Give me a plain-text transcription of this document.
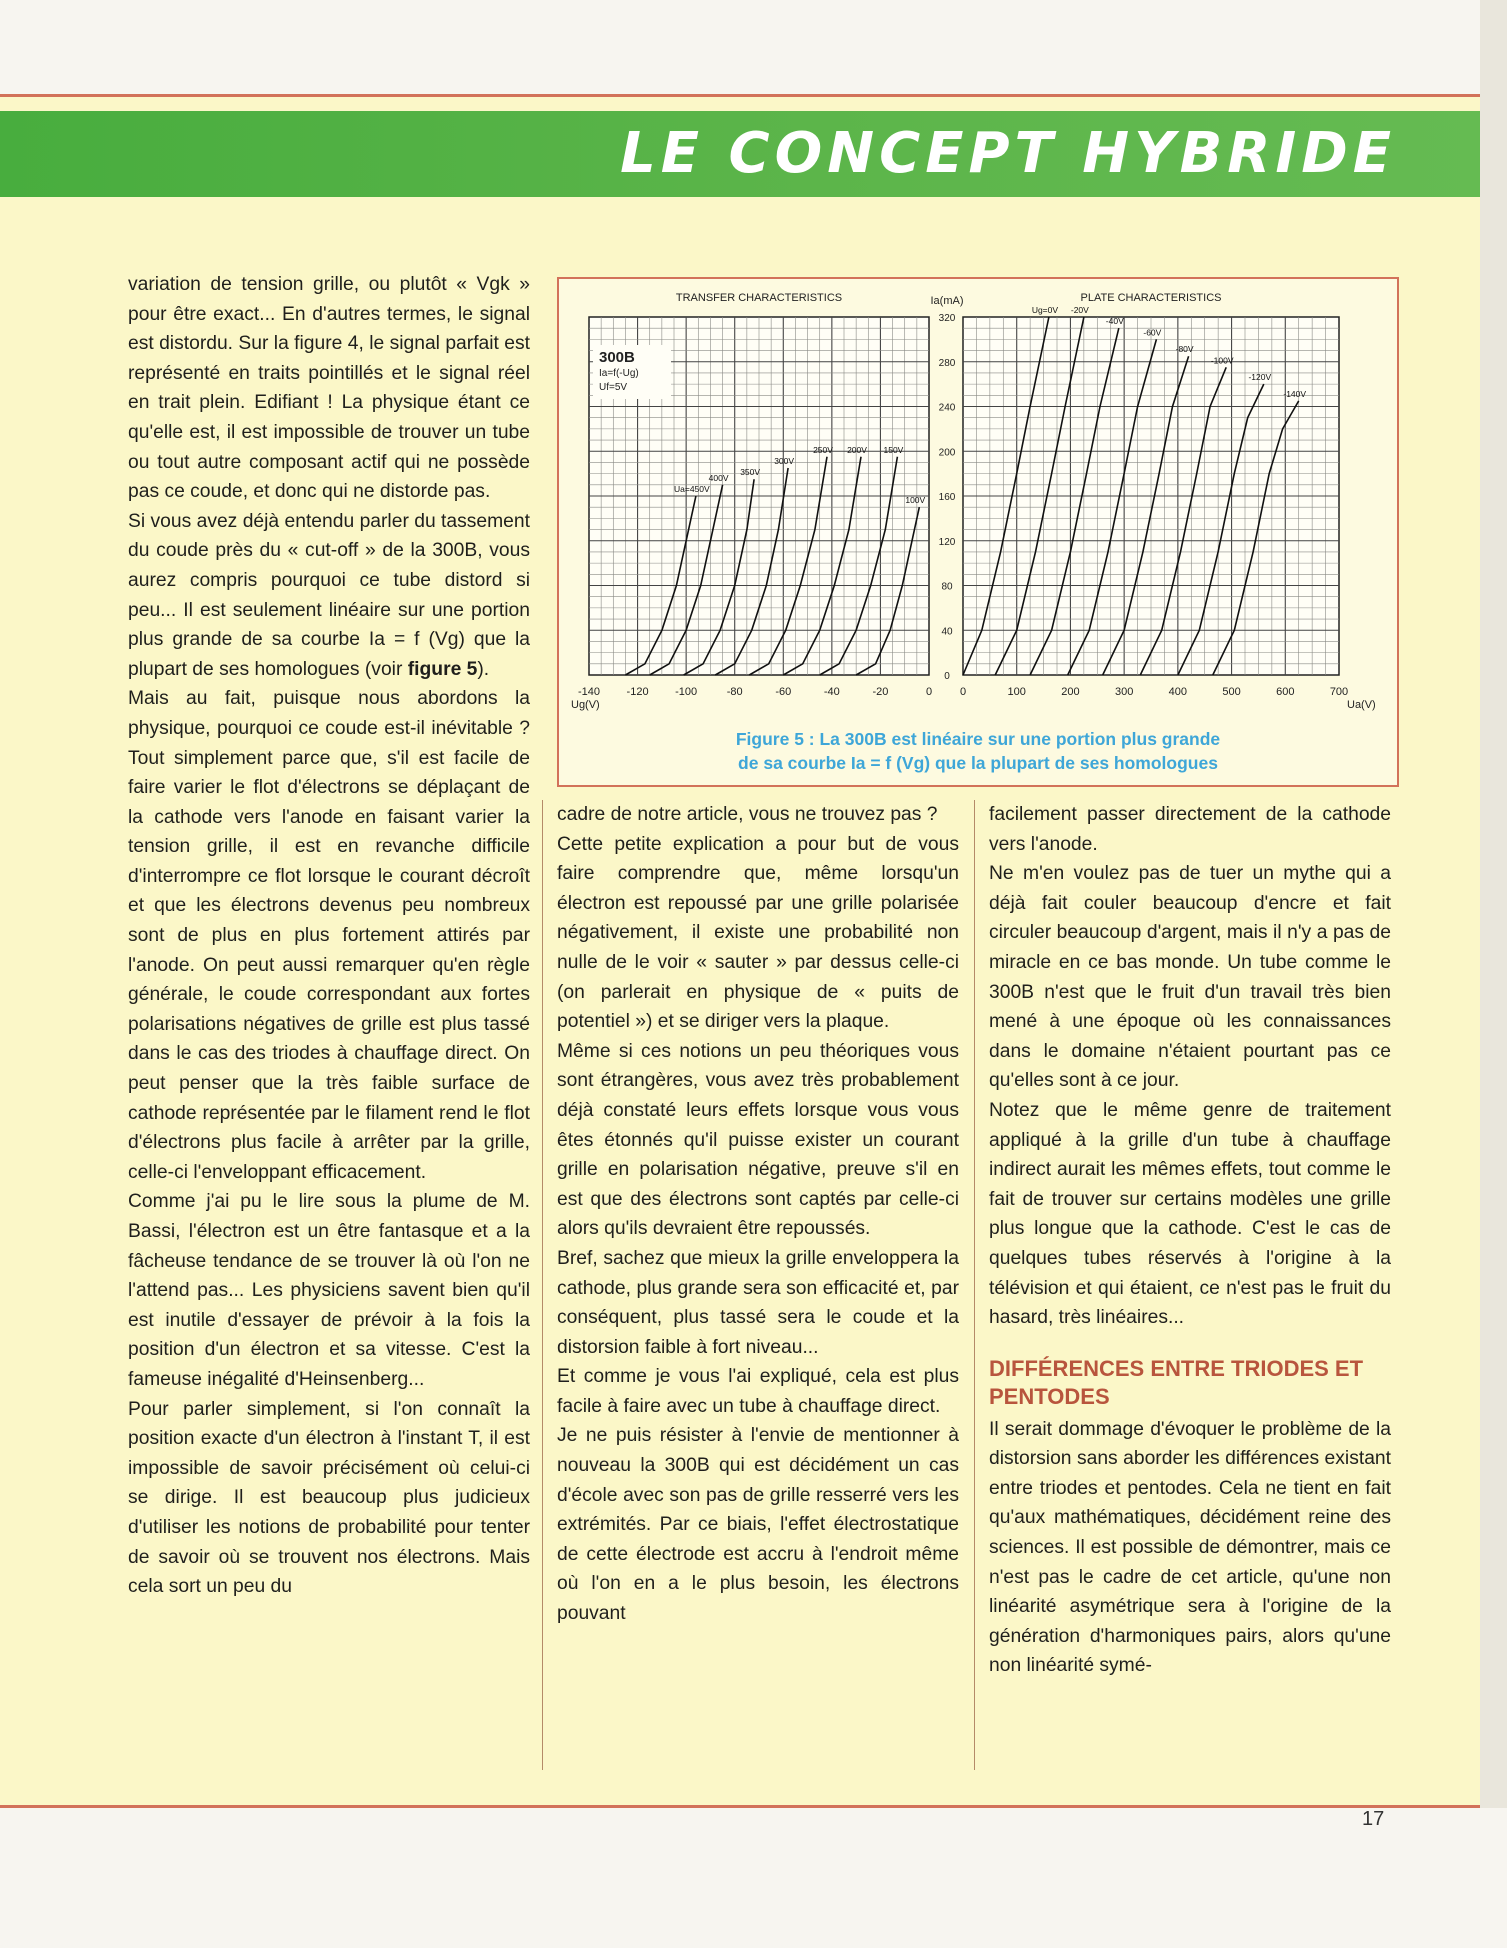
LE CONCEPT HYBRIDE

variation de tension grille, ou plutôt « Vgk » pour être exact... En d'autres termes, le signal est distordu. Sur la figure 4, le signal parfait est représenté en traits pointillés et le signal réel en trait plein. Edifiant ! La physique étant ce qu'elle est, il est impossible de trouver un tube ou tout autre composant actif qui ne possède pas ce coude, et donc qui ne distorde pas.

Si vous avez déjà entendu parler du tassement du coude près du « cut-off » de la 300B, vous aurez compris pourquoi ce tube distord si peu... Il est seulement linéaire sur une portion plus grande de sa courbe Ia = f (Vg) que la plupart de ses homologues (voir figure 5).

Mais au fait, puisque nous abordons la physique, pourquoi ce coude est-il inévitable ? Tout simplement parce que, s'il est facile de faire varier le flot d'électrons se déplaçant de la cathode vers l'anode en faisant varier la tension grille, il est en revanche difficile d'interrompre ce flot lorsque le courant décroît et que les électrons devenus peu nombreux sont de plus en plus fortement attirés par l'anode. On peut aussi remarquer qu'en règle générale, le coude correspondant aux fortes polarisations négatives de grille est plus tassé dans le cas des triodes à chauffage direct. On peut penser que la très faible surface de cathode représentée par le filament rend le flot d'électrons plus facile à arrêter par la grille, celle-ci l'enveloppant efficacement.

Comme j'ai pu le lire sous la plume de M. Bassi, l'électron est un être fantasque et a la fâcheuse tendance de se trouver là où l'on ne l'attend pas... Les physiciens savent bien qu'il est inutile d'essayer de prévoir à la fois la position d'un électron et sa vitesse. C'est la fameuse inégalité d'Heinsenberg...

Pour parler simplement, si l'on connaît la position exacte d'un électron à l'instant T, il est impossible de savoir précisément où celui-ci se dirige. Il est beaucoup plus judicieux d'utiliser les notions de probabilité pour tenter de savoir où se trouvent nos électrons. Mais cela sort un peu du

cadre de notre article, vous ne trouvez pas ?

Cette petite explication a pour but de vous faire comprendre que, même lorsqu'un électron est repoussé par une grille polarisée négativement, il existe une probabilité non nulle de le voir « sauter » par dessus celle-ci (on parlerait en physique de « puits de potentiel ») et se diriger vers la plaque.

Même si ces notions un peu théoriques vous sont étrangères, vous avez très probablement déjà constaté leurs effets lorsque vous vous êtes étonnés qu'il puisse exister un courant grille en polarisation négative, preuve s'il en est que des électrons sont captés par celle-ci alors qu'ils devraient être repoussés.

Bref, sachez que mieux la grille enveloppera la cathode, plus grande sera son efficacité et, par conséquent, plus tassé sera le coude et la distorsion faible à fort niveau...

Et comme je vous l'ai expliqué, cela est plus facile à faire avec un tube à chauffage direct.

Je ne puis résister à l'envie de mentionner à nouveau la 300B qui est décidément un cas d'école avec son pas de grille resserré vers les extrémités. Par ce biais, l'effet électrostatique de cette électrode est accru à l'endroit même où l'on en a le plus besoin, les électrons pouvant

facilement passer directement de la cathode vers l'anode.

Ne m'en voulez pas de tuer un mythe qui a déjà fait couler beaucoup d'encre et fait circuler beaucoup d'argent, mais il n'y a pas de miracle en ce bas monde. Un tube comme le 300B n'est que le fruit d'un travail très bien mené à une époque où les connaissances dans le domaine n'étaient pourtant pas ce qu'elles sont à ce jour.

Notez que le même genre de traitement appliqué à la grille d'un tube à chauffage indirect aurait les mêmes effets, tout comme le fait de trouver sur certains modèles une grille plus longue que la cathode. C'est le cas de quelques tubes réservés à l'origine à la télévision et qui étaient, ce n'est pas le fruit du hasard, très linéaires...

DIFFÉRENCES ENTRE TRIODES ET PENTODES

Il serait dommage d'évoquer le problème de la distorsion sans aborder les différences existant entre triodes et pentodes. Cela ne tient en fait qu'aux mathématiques, décidément reine des sciences. Il est possible de démontrer, mais ce n'est pas le cadre de cet article, qu'une non linéarité asymétrique sera à l'origine de la génération d'harmoniques pairs, alors qu'une non linéarité symé-

TRANSFER CHARACTERISTICS
-140 -120 -100	-80	-60	-40	-20	0
Ug(V)
0
40
80
120
160
200
240
280
320
Ia(mA)
300B
Ia=f(-Ug)
Uf=5V
Ua=450V
400V
350V
300V
250V 200V 150V
100V
PLATE CHARACTERISTICS
0	100	200	300	400	500	600	700
Ua(V)
Ug=0V -20V
-40V
-60V
-80V
-100V
-120V
-140V
Figure 5 : La 300B est linéaire sur une portion plus grande
de sa courbe Ia = f (Vg) que la plupart de ses homologues
17
